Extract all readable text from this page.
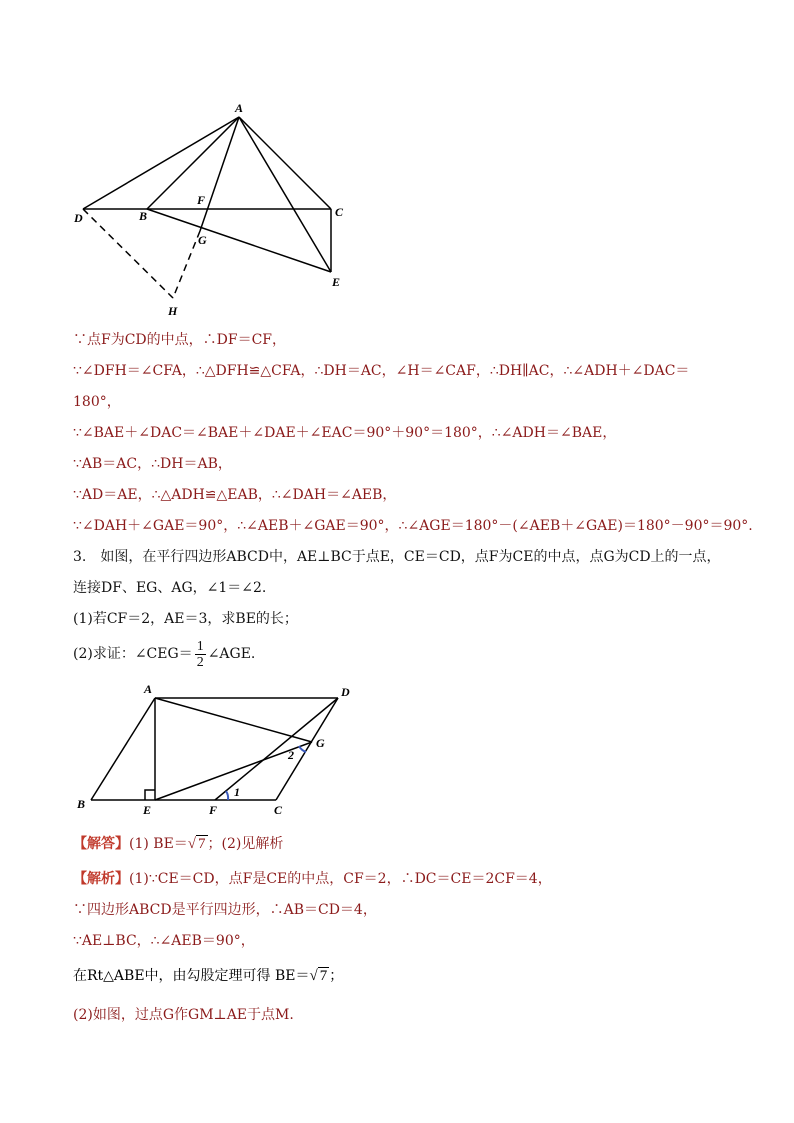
A
D	B
F
C
G
E
H
∵点F为CD的中点，∴DF＝CF，
∵∠DFH＝∠CFA，∴△DFH≌△CFA，∴DH＝AC，∠H＝∠CAF，∴DH∥AC，∴∠ADH＋∠DAC＝
180°，
∵∠BAE＋∠DAC＝∠BAE＋∠DAE＋∠EAC＝90°＋90°＝180°，∴∠ADH＝∠BAE，
∵AB＝AC，∴DH＝AB，
∵AD＝AE，∴△ADH≌△EAB，∴∠DAH＝∠AEB，
∵∠DAH＋∠GAE＝90°，∴∠AEB＋∠GAE＝90°，∴∠AGE＝180°－(∠AEB＋∠GAE)＝180°－90°＝90°.
3.　如图，在平行四边形ABCD中，AE⊥BC于点E，CE＝CD，点F为CE的中点，点G为CD上的一点，
连接DF、EG、AG，∠1＝∠2.
(1)若CF＝2，AE＝3，求BE的长；
(2)求证：∠CEG＝ $\frac{1}{2}$ ∠AGE.
A	D
G
2
B	E	F
1
C
【解答】(1) BE＝√ 7 ；(2)见解析
【解析】(1)∵CE＝CD，点F是CE的中点，CF＝2，∴DC＝CE＝2CF＝4，
∵四边形ABCD是平行四边形，∴AB＝CD＝4，
∵AE⊥BC，∴∠AEB＝90°，
在Rt△ABE中，由勾股定理可得 BE＝√ 7 ；
(2)如图，过点G作GM⊥AE于点M.
